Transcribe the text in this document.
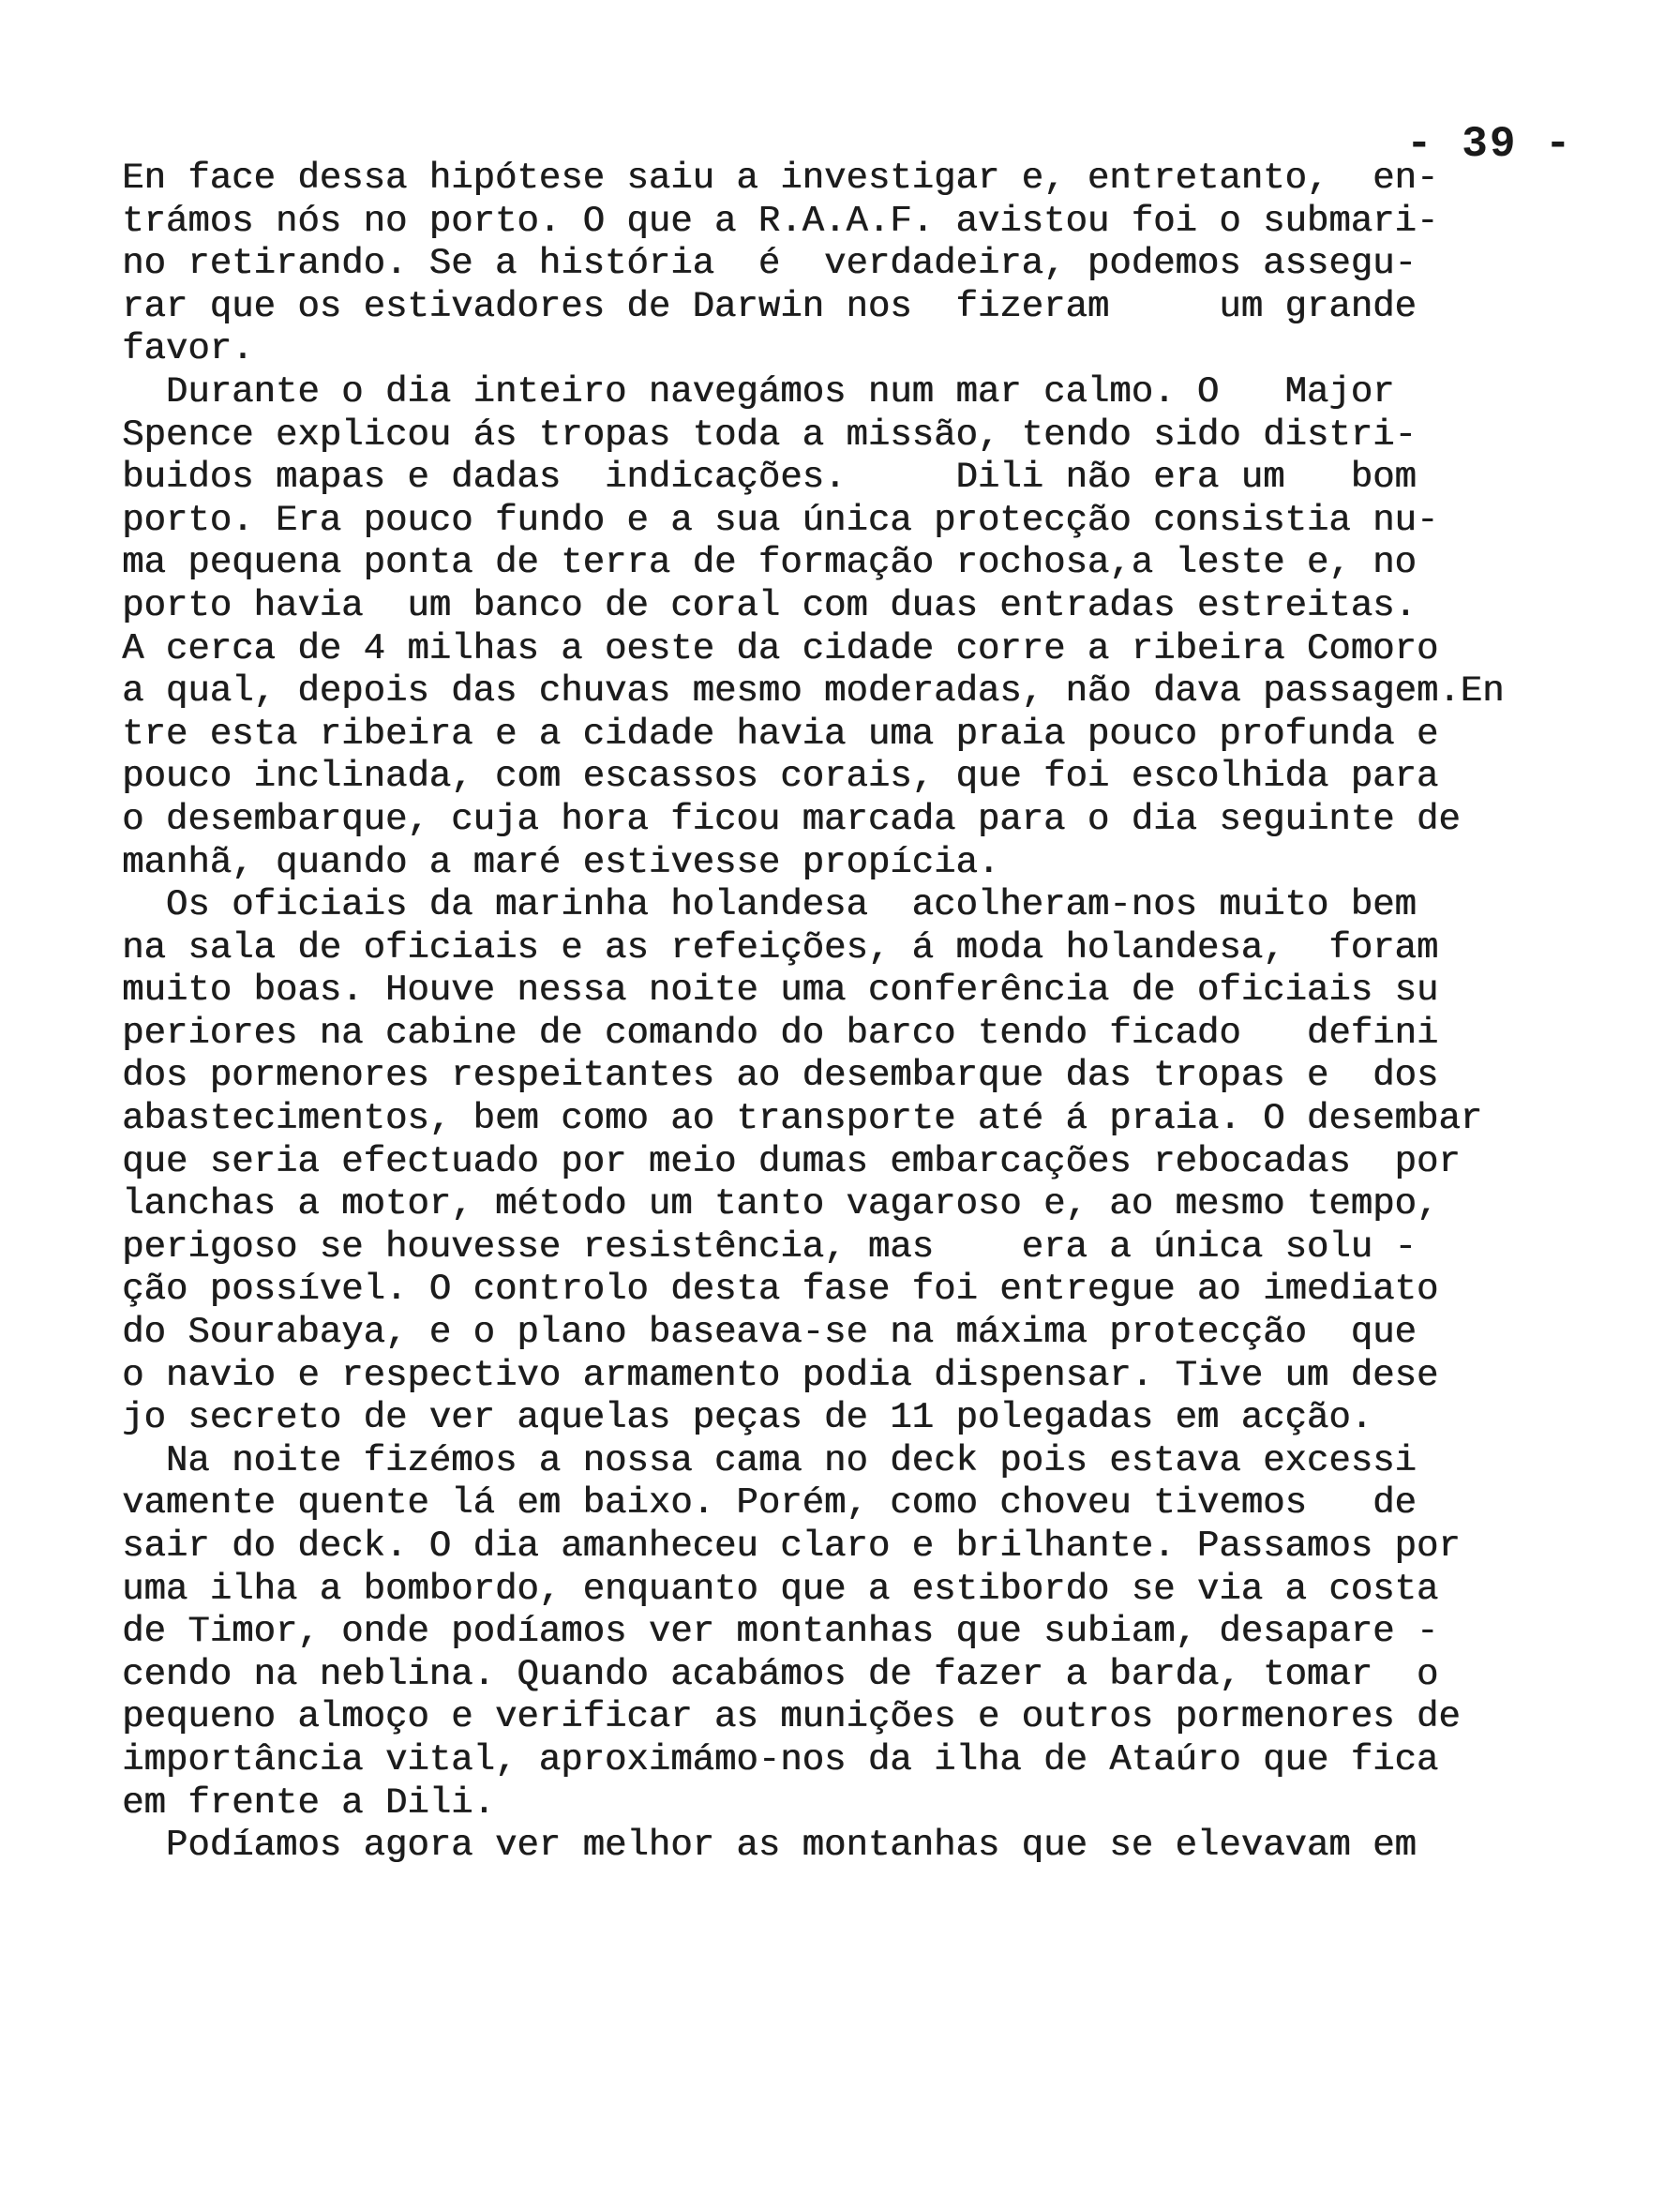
- 39 -
En face dessa hipótese saiu a investigar e, entretanto,  en-
trámos nós no porto. O que a R.A.A.F. avistou foi o submari-
no retirando. Se a história  é  verdadeira, podemos assegu-
rar que os estivadores de Darwin nos  fizeram     um grande
favor.
Durante o dia inteiro navegámos num mar calmo. O   Major
Spence explicou ás tropas toda a missão, tendo sido distri-
buidos mapas e dadas  indicações.     Dili não era um   bom
porto. Era pouco fundo e a sua única protecção consistia nu-
ma pequena ponta de terra de formação rochosa,a leste e, no
porto havia  um banco de coral com duas entradas estreitas.
A cerca de 4 milhas a oeste da cidade corre a ribeira Comoro
a qual, depois das chuvas mesmo moderadas, não dava passagem.En
tre esta ribeira e a cidade havia uma praia pouco profunda e
pouco inclinada, com escassos corais, que foi escolhida para
o desembarque, cuja hora ficou marcada para o dia seguinte de
manhã, quando a maré estivesse propícia.
Os oficiais da marinha holandesa  acolheram-nos muito bem
na sala de oficiais e as refeições, á moda holandesa,  foram
muito boas. Houve nessa noite uma conferência de oficiais su
periores na cabine de comando do barco tendo ficado   defini
dos pormenores respeitantes ao desembarque das tropas e  dos
abastecimentos, bem como ao transporte até á praia. O desembar
que seria efectuado por meio dumas embarcações rebocadas  por
lanchas a motor, método um tanto vagaroso e, ao mesmo tempo,
perigoso se houvesse resistência, mas    era a única solu -
ção possível. O controlo desta fase foi entregue ao imediato
do Sourabaya, e o plano baseava-se na máxima protecção  que
o navio e respectivo armamento podia dispensar. Tive um dese
jo secreto de ver aquelas peças de 11 polegadas em acção.
Na noite fizémos a nossa cama no deck pois estava excessi
vamente quente lá em baixo. Porém, como choveu tivemos   de
sair do deck. O dia amanheceu claro e brilhante. Passamos por
uma ilha a bombordo, enquanto que a estibordo se via a costa
de Timor, onde podíamos ver montanhas que subiam, desapare -
cendo na neblina. Quando acabámos de fazer a barda, tomar  o
pequeno almoço e verificar as munições e outros pormenores de
importância vital, aproximámo-nos da ilha de Ataúro que fica
em frente a Dili.
Podíamos agora ver melhor as montanhas que se elevavam em
